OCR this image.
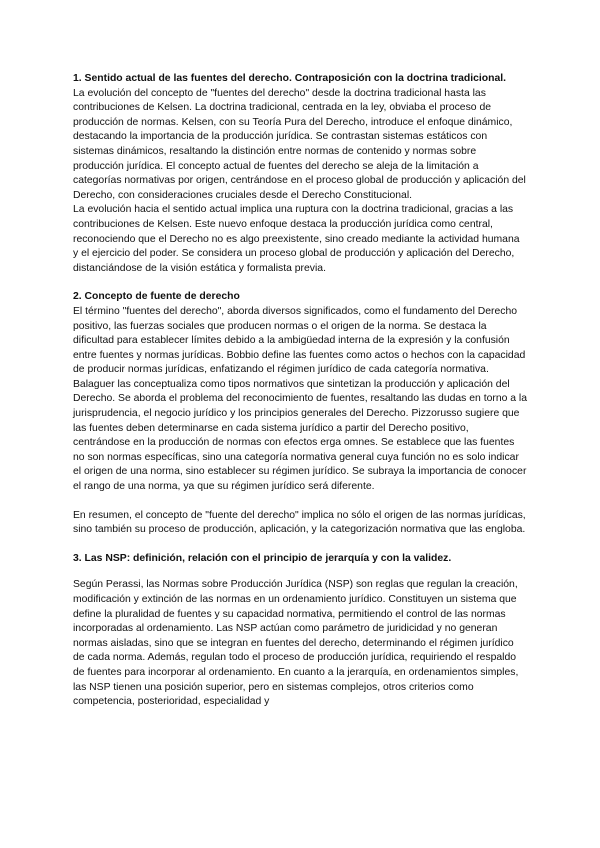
1. Sentido actual de las fuentes del derecho. Contraposición con la doctrina tradicional.

La evolución del concepto de "fuentes del derecho" desde la doctrina tradicional hasta las contribuciones de Kelsen. La doctrina tradicional, centrada en la ley, obviaba el proceso de producción de normas. Kelsen, con su Teoría Pura del Derecho, introduce el enfoque dinámico, destacando la importancia de la producción jurídica. Se contrastan sistemas estáticos con sistemas dinámicos, resaltando la distinción entre normas de contenido y normas sobre producción jurídica. El concepto actual de fuentes del derecho se aleja de la limitación a categorías normativas por origen, centrándose en el proceso global de producción y aplicación del Derecho, con consideraciones cruciales desde el Derecho Constitucional.

La evolución hacia el sentido actual implica una ruptura con la doctrina tradicional, gracias a las contribuciones de Kelsen. Este nuevo enfoque destaca la producción jurídica como central, reconociendo que el Derecho no es algo preexistente, sino creado mediante la actividad humana y el ejercicio del poder. Se considera un proceso global de producción y aplicación del Derecho, distanciándose de la visión estática y formalista previa.

2. Concepto de fuente de derecho

El término "fuentes del derecho", aborda diversos significados, como el fundamento del Derecho positivo, las fuerzas sociales que producen normas o el origen de la norma. Se destaca la dificultad para establecer límites debido a la ambigüedad interna de la expresión y la confusión entre fuentes y normas jurídicas. Bobbio define las fuentes como actos o hechos con la capacidad de producir normas jurídicas, enfatizando el régimen jurídico de cada categoría normativa. Balaguer las conceptualiza como tipos normativos que sintetizan la producción y aplicación del Derecho. Se aborda el problema del reconocimiento de fuentes, resaltando las dudas en torno a la jurisprudencia, el negocio jurídico y los principios generales del Derecho. Pizzorusso sugiere que las fuentes deben determinarse en cada sistema jurídico a partir del Derecho positivo, centrándose en la producción de normas con efectos erga omnes. Se establece que las fuentes no son normas específicas, sino una categoría normativa general cuya función no es solo indicar el origen de una norma, sino establecer su régimen jurídico. Se subraya la importancia de conocer el rango de una norma, ya que su régimen jurídico será diferente.

En resumen, el concepto de "fuente del derecho" implica no sólo el origen de las normas jurídicas, sino también su proceso de producción, aplicación, y la categorización normativa que las engloba.

3. Las NSP: definición, relación con el principio de jerarquía y con la validez.

Según Perassi, las Normas sobre Producción Jurídica (NSP) son reglas que regulan la creación, modificación y extinción de las normas en un ordenamiento jurídico. Constituyen un sistema que define la pluralidad de fuentes y su capacidad normativa, permitiendo el control de las normas incorporadas al ordenamiento. Las NSP actúan como parámetro de juridicidad y no generan normas aisladas, sino que se integran en fuentes del derecho, determinando el régimen jurídico de cada norma. Además, regulan todo el proceso de producción jurídica, requiriendo el respaldo de fuentes para incorporar al ordenamiento. En cuanto a la jerarquía, en ordenamientos simples, las NSP tienen una posición superior, pero en sistemas complejos, otros criterios como competencia, posterioridad, especialidad y
